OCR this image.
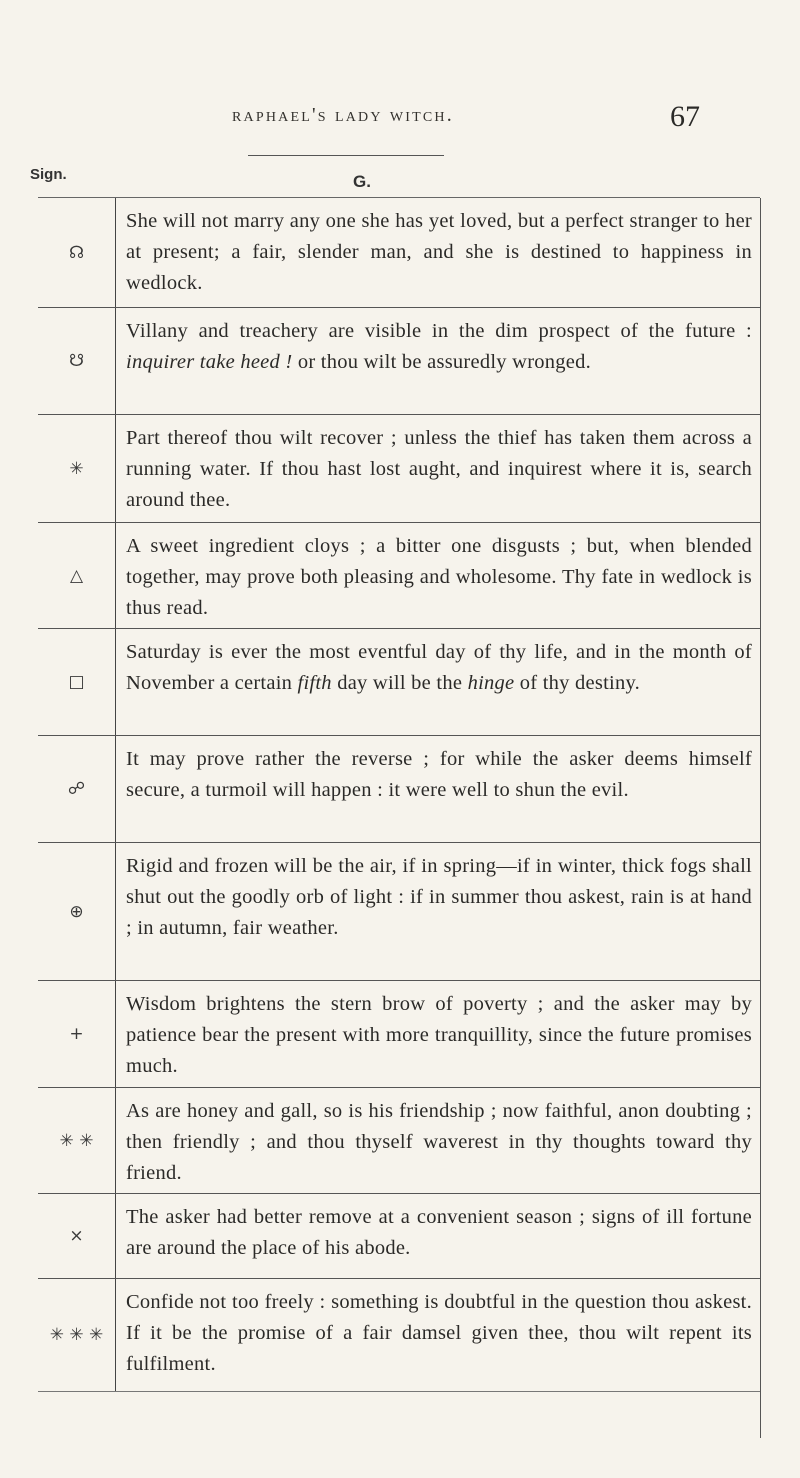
raphael's lady witch.	67
Sign.	G.
☊
She will not marry any one she has yet loved, but a perfect stranger to her at present; a fair, slender man, and she is destined to happiness in wedlock.
☋
Villany and treachery are visible in the dim prospect of the future : inquirer take heed ! or thou wilt be assuredly wronged.
✳
Part thereof thou wilt recover ; unless the thief has taken them across a running water. If thou hast lost aught, and inquirest where it is, search around thee.
△
A sweet ingredient cloys ; a bitter one disgusts ; but, when blended together, may prove both pleasing and wholesome. Thy fate in wedlock is thus read.
□
Saturday is ever the most eventful day of thy life, and in the month of November a certain fifth day will be the hinge of thy destiny.
☍
It may prove rather the reverse ; for while the asker deems himself secure, a turmoil will happen : it were well to shun the evil.
⊕
Rigid and frozen will be the air, if in spring—if in winter, thick fogs shall shut out the goodly orb of light : if in summer thou askest, rain is at hand ; in autumn, fair weather.
+
Wisdom brightens the stern brow of poverty ; and the asker may by patience bear the present with more tranquillity, since the future promises much.
✳ ✳
As are honey and gall, so is his friendship ; now faithful, anon doubting ; then friendly ; and thou thyself waverest in thy thoughts toward thy friend.
×
The asker had better remove at a convenient season ; signs of ill fortune are around the place of his abode.
✳ ✳ ✳
Confide not too freely : something is doubtful in the question thou askest. If it be the promise of a fair damsel given thee, thou wilt repent its fulfilment.
